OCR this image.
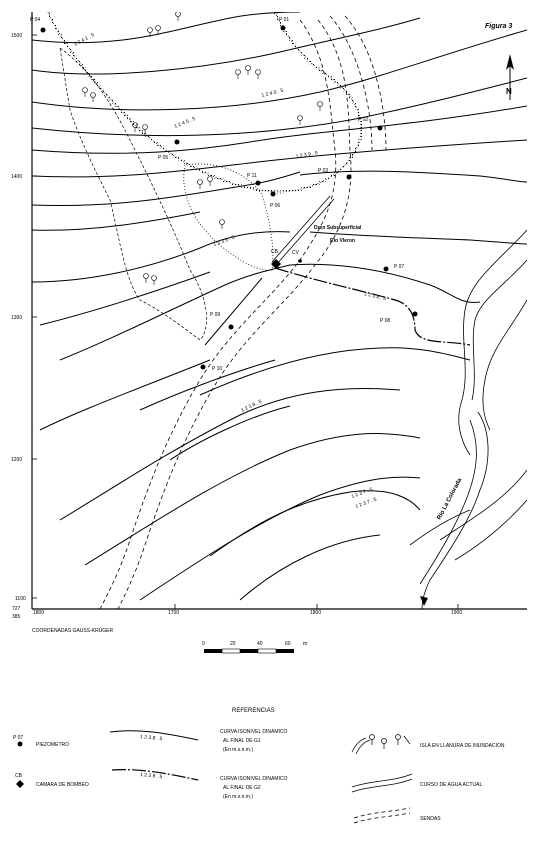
Figura 3
N
1500
1400
1300
1200
1100
1800	1700	1800	1900
727
385
1 2 4 1 . 5
1 2 4 0 . 5
1 2 4 0 . 5
1 2 3 9 . 5
1 2 3 9 . 5
1 2 3 8 . 5
1 2 3 8 . 5
1 2 3 7 . 5
1 2 3 7 . 5
P 04	P 01
P 02
P 03
P 05
P 11
P 06
P 07
P 08
P 09
P 10
CB	CV
Dren Subsuperficial
Río Vleron
Río La Colorada
COORDENADAS GAUSS-KRÜGER
0	20	40	60 m
REFERENCIAS
P 07
PIEZOMETRO
CB
CAMARA DE BOMBEO
1 2 3 8 . 5
CURVA ISONIVEL DINAMICO
AL FINAL DE G1
(En m.s.n.m.)
1 2 3 8 . 5	CURVA ISONIVEL DINAMICO
AL FINAL DE G2
(En m.s.n.m.)
ISLA EN LLANURA DE INUNDACION
CURSO DE AGUA ACTUAL
SENDAS
